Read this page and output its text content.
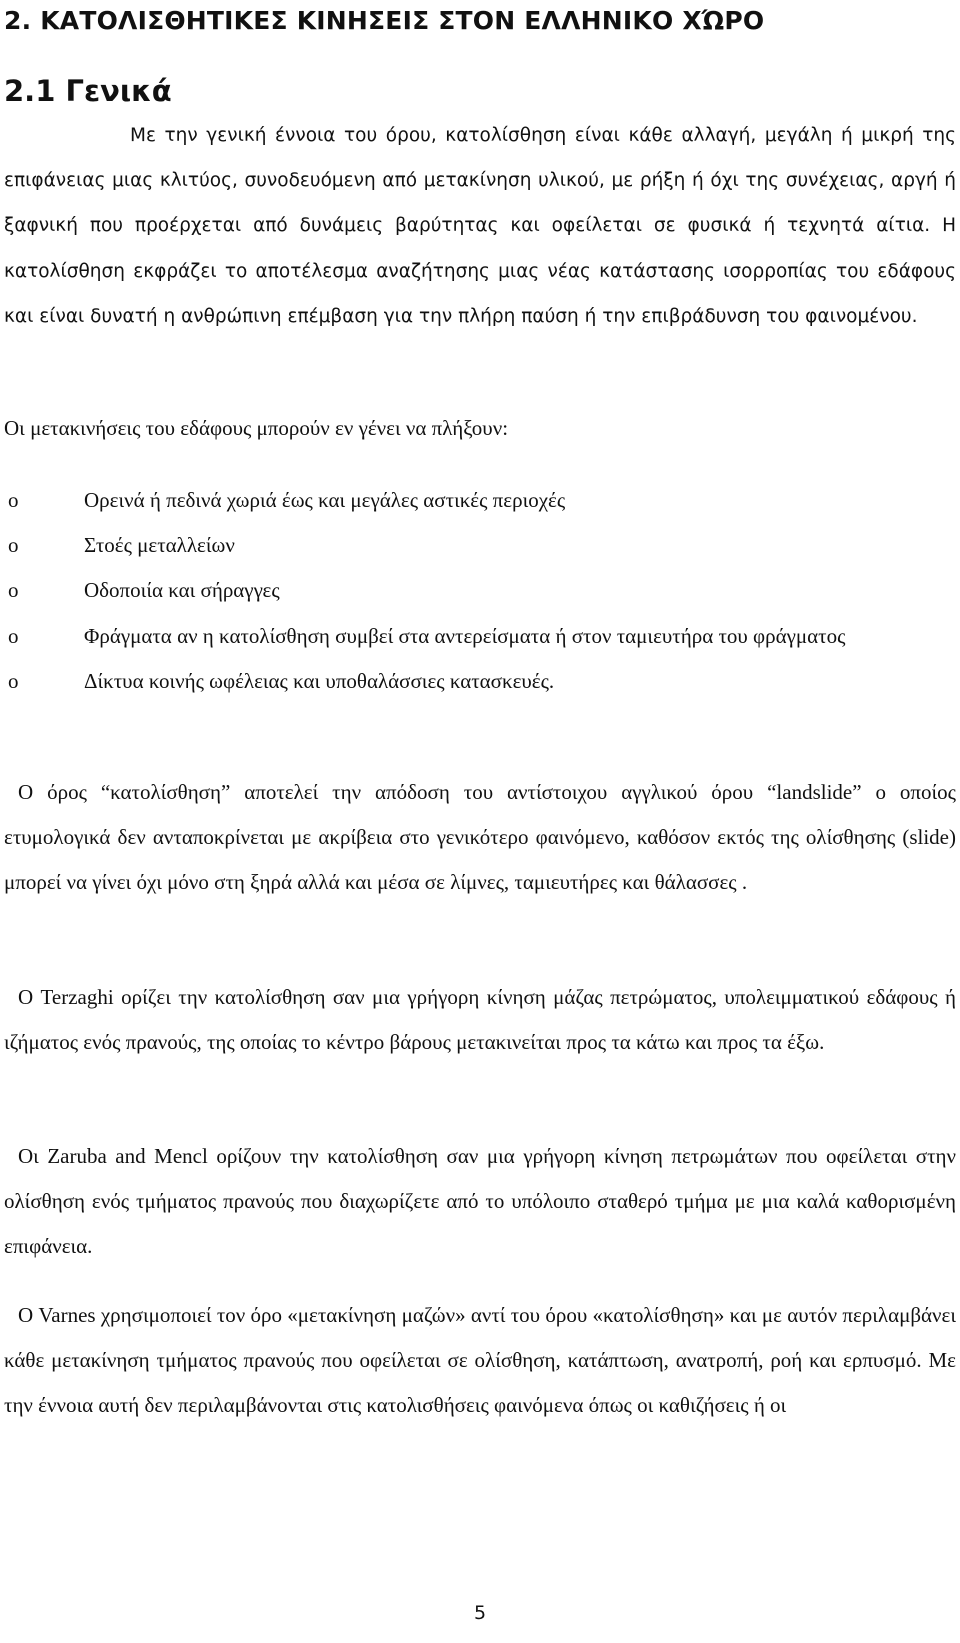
2. ΚΑΤΟΛΙΣΘΗΤΙΚΕΣ ΚΙΝΗΣΕΙΣ ΣΤΟΝ ΕΛΛΗΝΙΚΟ ΧΏΡΟ
2.1 Γενικά

Με την γενική έννοια του όρου, κατολίσθηση είναι κάθε αλλαγή, μεγάλη ή μικρή της επιφάνειας μιας κλιτύος, συνοδευόμενη από μετακίνηση υλικού, με ρήξη ή όχι της συνέχειας, αργή ή ξαφνική που προέρχεται από δυνάμεις βαρύτητας και οφείλεται σε φυσικά ή τεχνητά αίτια. Η κατολίσθηση εκφράζει το αποτέλεσμα αναζήτησης μιας νέας κατάστασης ισορροπίας του εδάφους και είναι δυνατή η ανθρώπινη επέμβαση για την πλήρη παύση ή την επιβράδυνση του φαινομένου.

Οι μετακινήσεις του εδάφους μπορούν εν γένει να πλήξουν:

o	Ορεινά ή πεδινά χωριά έως και μεγάλες αστικές περιοχές
o	Στοές μεταλλείων
o	Οδοποιία και σήραγγες
o	Φράγματα αν η κατολίσθηση συμβεί στα αντερείσματα ή στον ταμιευτήρα του φράγματος
o	Δίκτυα κοινής ωφέλειας και υποθαλάσσιες κατασκευές.

Ο όρος “κατολίσθηση” αποτελεί την απόδοση του αντίστοιχου αγγλικού όρου “landslide” ο οποίος ετυμολογικά δεν ανταποκρίνεται με ακρίβεια στο γενικότερο φαινόμενο, καθόσον εκτός της ολίσθησης (slide) μπορεί να γίνει όχι μόνο στη ξηρά αλλά και μέσα σε λίμνες, ταμιευτήρες και θάλασσες .

Ο Terzaghi ορίζει την κατολίσθηση σαν μια γρήγορη κίνηση μάζας πετρώματος, υπολειμματικού εδάφους ή ιζήματος ενός πρανούς, της οποίας το κέντρο βάρους μετακινείται προς τα κάτω και προς τα έξω.

Οι Zaruba and Mencl ορίζουν την κατολίσθηση σαν μια γρήγορη κίνηση πετρωμάτων που οφείλεται στην ολίσθηση ενός τμήματος πρανούς που διαχωρίζετε από το υπόλοιπο σταθερό τμήμα με μια καλά καθορισμένη επιφάνεια.

Ο Varnes χρησιμοποιεί τον όρο «μετακίνηση μαζών» αντί του όρου «κατολίσθηση» και με αυτόν περιλαμβάνει κάθε μετακίνηση τμήματος πρανούς που οφείλεται σε ολίσθηση, κατάπτωση, ανατροπή, ροή και ερπυσμό. Με την έννοια αυτή δεν περιλαμβάνονται στις κατολισθήσεις φαινόμενα όπως οι καθιζήσεις ή οι

5
